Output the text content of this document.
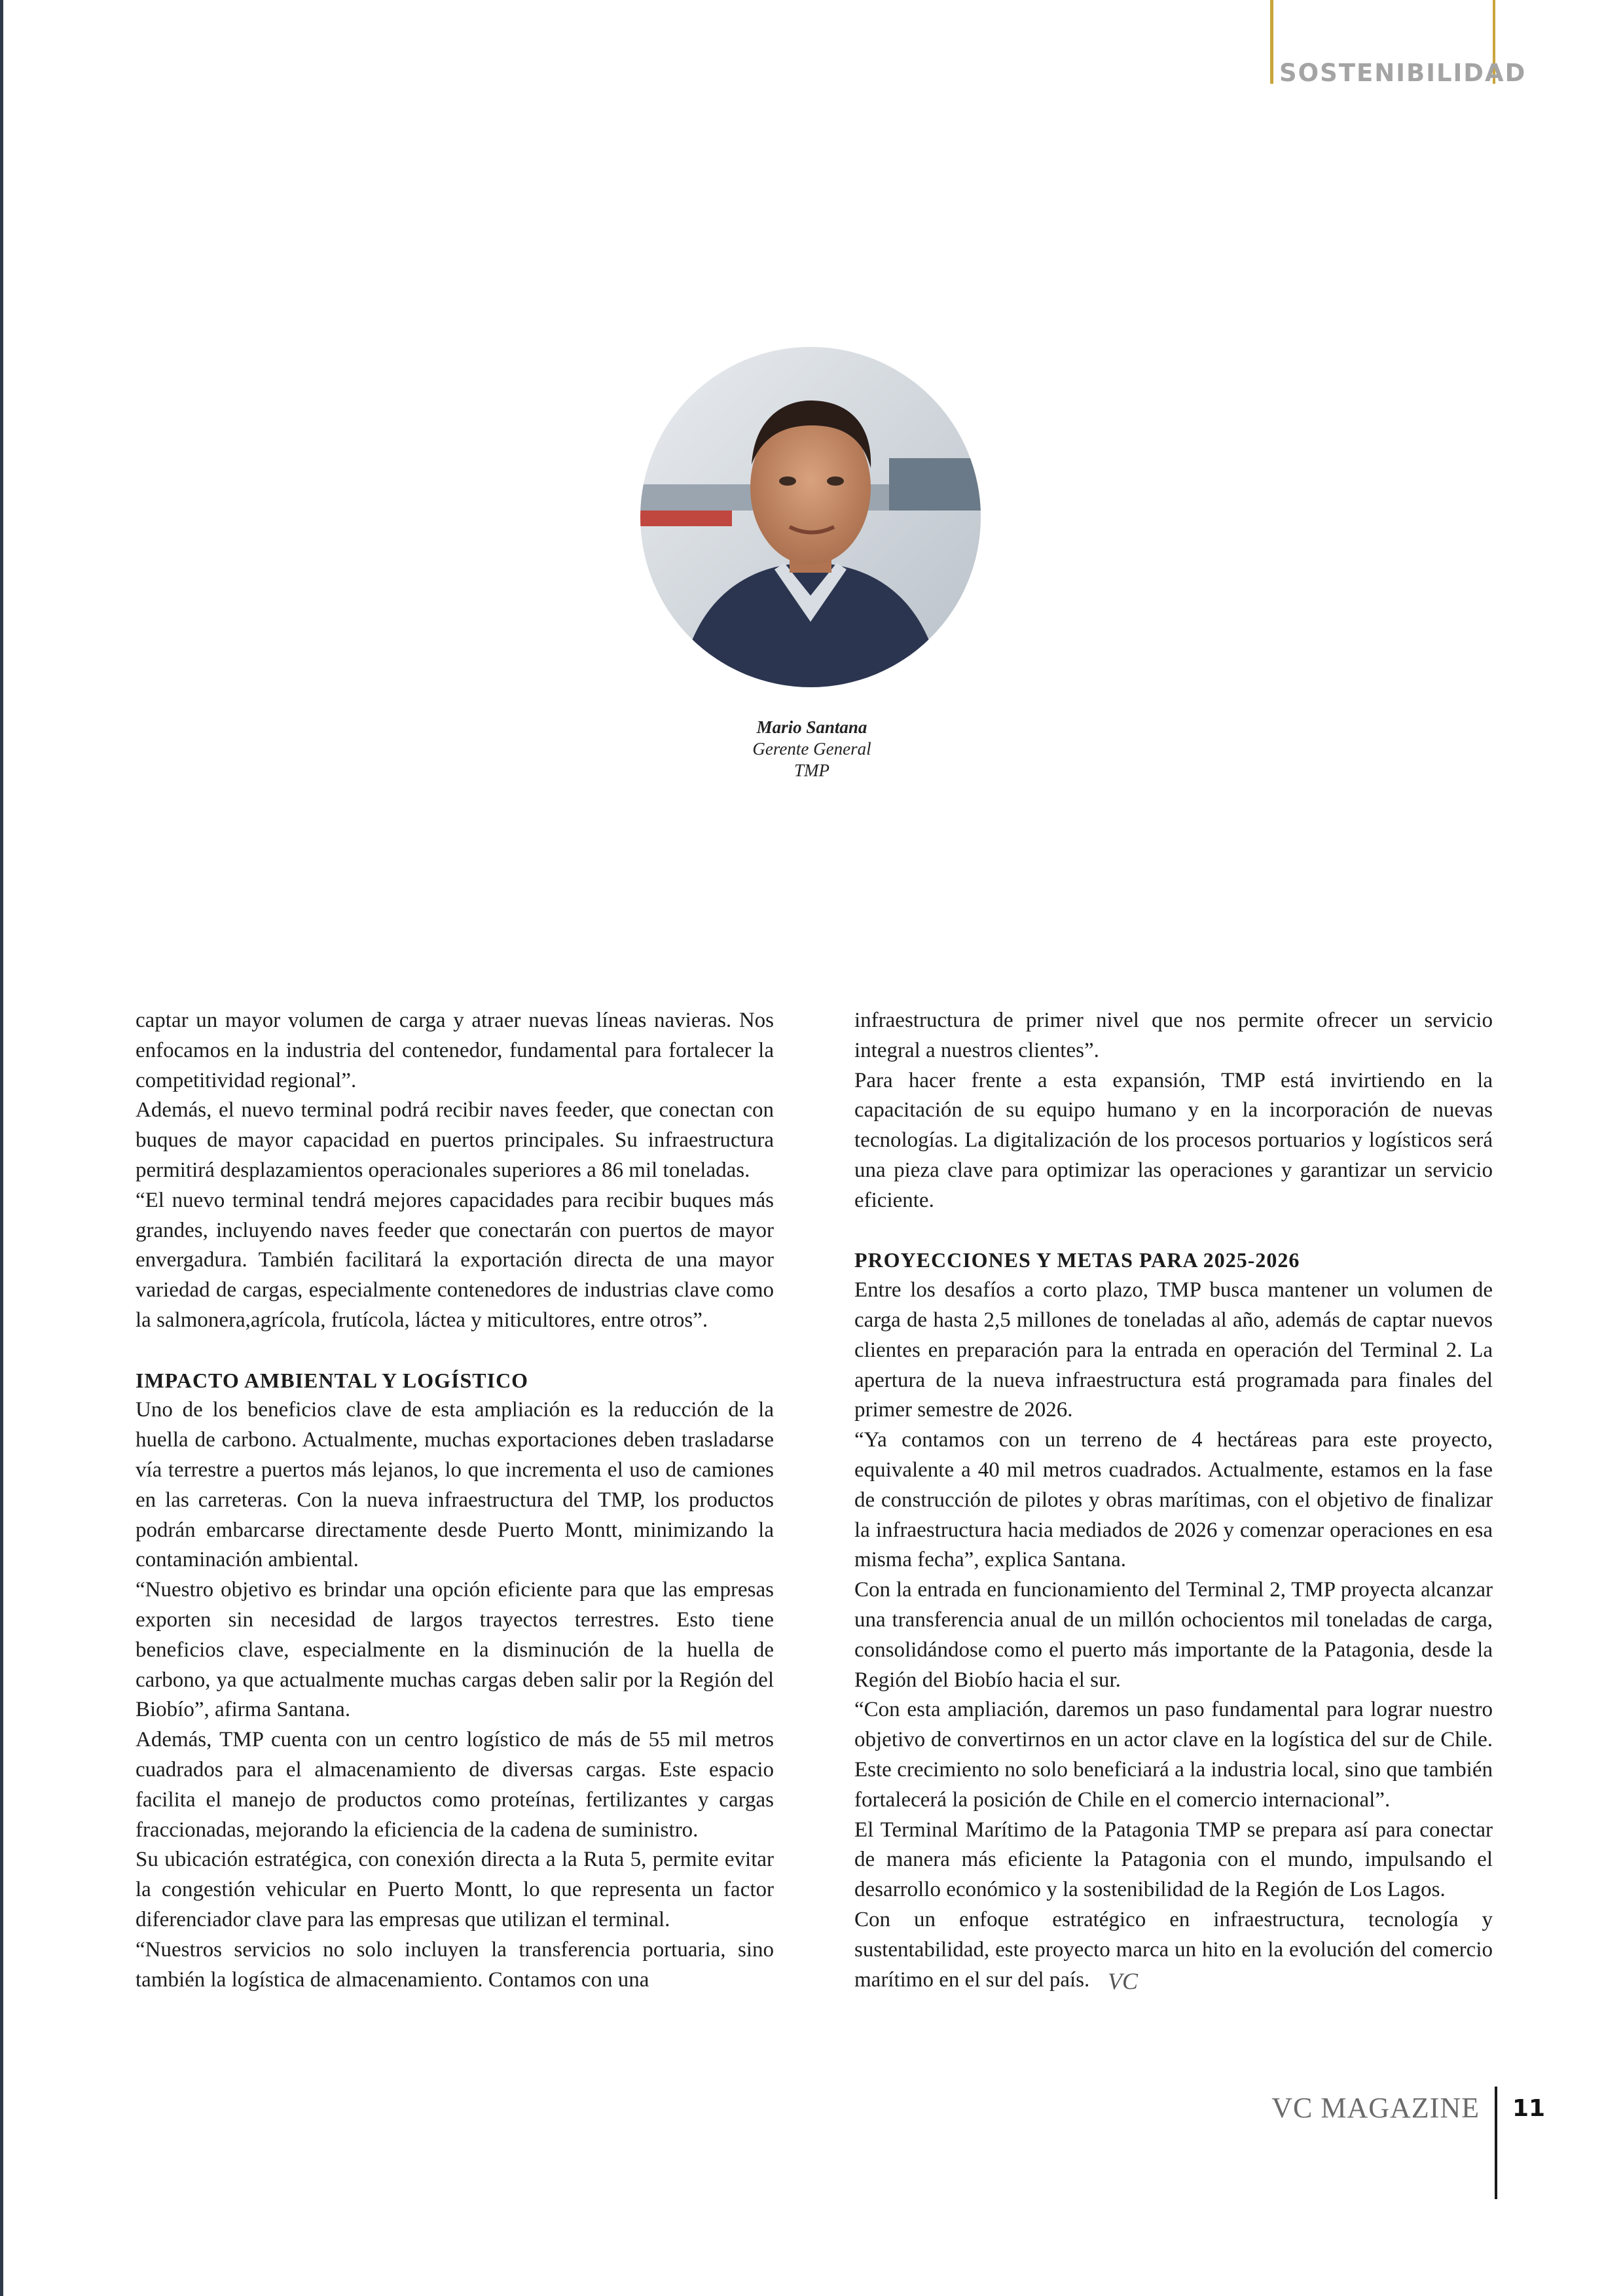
SOSTENIBILIDAD
Mario Santana
Gerente General
TMP

captar un mayor volumen de carga y atraer nuevas líneas navieras. Nos enfocamos en la industria del contenedor, fundamental para fortalecer la competitividad regional”.

Además, el nuevo terminal podrá recibir naves feeder, que conectan con buques de mayor capacidad en puertos principales. Su infraestructura permitirá desplazamientos operacionales superiores a 86 mil toneladas.

“El nuevo terminal tendrá mejores capacidades para recibir buques más grandes, incluyendo naves feeder que conectarán con puertos de mayor envergadura. También facilitará la exportación directa de una mayor variedad de cargas, especialmente contenedores de industrias clave como la salmonera,agrícola, frutícola, láctea y miticultores, entre otros”.

IMPACTO AMBIENTAL Y LOGÍSTICO

Uno de los beneficios clave de esta ampliación es la reducción de la huella de carbono. Actualmente, muchas exportaciones deben trasladarse vía terrestre a puertos más lejanos, lo que incrementa el uso de camiones en las carreteras. Con la nueva infraestructura del TMP, los productos podrán embarcarse directamente desde Puerto Montt, minimizando la contaminación ambiental.

“Nuestro objetivo es brindar una opción eficiente para que las empresas exporten sin necesidad de largos trayectos terrestres. Esto tiene beneficios clave, especialmente en la disminución de la huella de carbono, ya que actualmente muchas cargas deben salir por la Región del Biobío”, afirma Santana.

Además, TMP cuenta con un centro logístico de más de 55 mil metros cuadrados para el almacenamiento de diversas cargas. Este espacio facilita el manejo de productos como proteínas, fertilizantes y cargas fraccionadas, mejorando la eficiencia de la cadena de suministro.

Su ubicación estratégica, con conexión directa a la Ruta 5, permite evitar la congestión vehicular en Puerto Montt, lo que representa un factor diferenciador clave para las empresas que utilizan el terminal.

“Nuestros servicios no solo incluyen la transferencia portuaria, sino también la logística de almacenamiento. Contamos con una

infraestructura de primer nivel que nos permite ofrecer un servicio integral a nuestros clientes”.

Para hacer frente a esta expansión, TMP está invirtiendo en la capacitación de su equipo humano y en la incorporación de nuevas tecnologías. La digitalización de los procesos portuarios y logísticos será una pieza clave para optimizar las operaciones y garantizar un servicio eficiente.

PROYECCIONES Y METAS PARA 2025-2026

Entre los desafíos a corto plazo, TMP busca mantener un volumen de carga de hasta 2,5 millones de toneladas al año, además de captar nuevos clientes en preparación para la entrada en operación del Terminal 2. La apertura de la nueva infraestructura está programada para finales del primer semestre de 2026.

“Ya contamos con un terreno de 4 hectáreas para este proyecto, equivalente a 40 mil metros cuadrados. Actualmente, estamos en la fase de construcción de pilotes y obras marítimas, con el objetivo de finalizar la infraestructura hacia mediados de 2026 y comenzar operaciones en esa misma fecha”, explica Santana.

Con la entrada en funcionamiento del Terminal 2, TMP proyecta alcanzar una transferencia anual de un millón ochocientos mil toneladas de carga, consolidándose como el puerto más importante de la Patagonia, desde la Región del Biobío hacia el sur.

“Con esta ampliación, daremos un paso fundamental para lograr nuestro objetivo de convertirnos en un actor clave en la logística del sur de Chile. Este crecimiento no solo beneficiará a la industria local, sino que también fortalecerá la posición de Chile en el comercio internacional”.

El Terminal Marítimo de la Patagonia TMP se prepara así para conectar de manera más eficiente la Patagonia con el mundo, impulsando el desarrollo económico y la sostenibilidad de la Región de Los Lagos.

Con un enfoque estratégico en infraestructura, tecnología y sustentabilidad, este proyecto marca un hito en la evolución del comercio marítimo en el sur del país. VC

VC MAGAZINE 11
